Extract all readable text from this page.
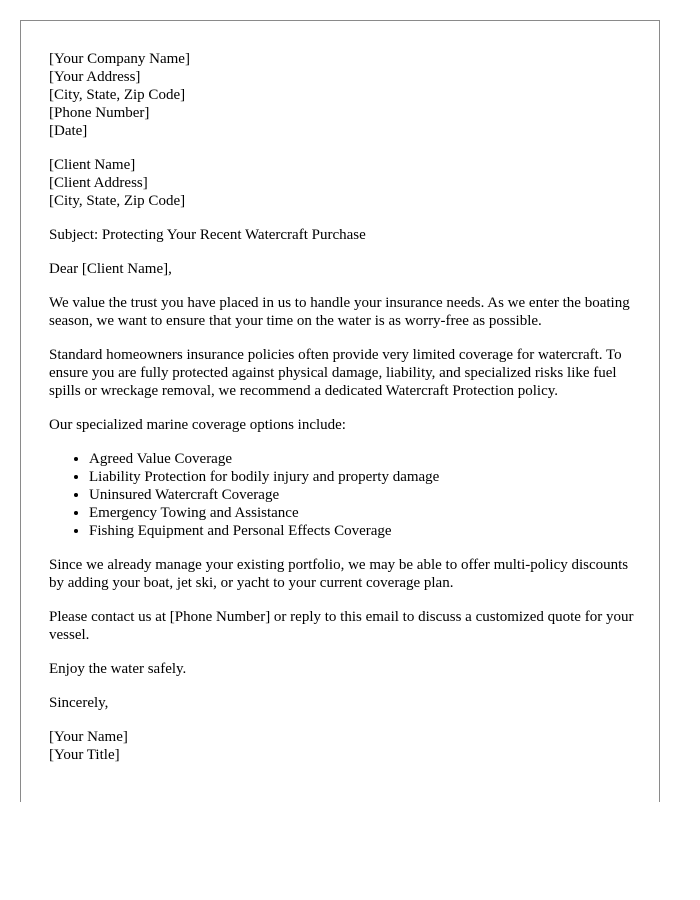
[Your Company Name]
[Your Address]
[City, State, Zip Code]
[Phone Number]
[Date]
[Client Name]
[Client Address]
[City, State, Zip Code]

Subject: Protecting Your Recent Watercraft Purchase

Dear [Client Name],

We value the trust you have placed in us to handle your insurance needs. As we enter the boating season, we want to ensure that your time on the water is as worry-free as possible.

Standard homeowners insurance policies often provide very limited coverage for watercraft. To ensure you are fully protected against physical damage, liability, and specialized risks like fuel spills or wreckage removal, we recommend a dedicated Watercraft Protection policy.

Our specialized marine coverage options include:

• Agreed Value Coverage
• Liability Protection for bodily injury and property damage
• Uninsured Watercraft Coverage
• Emergency Towing and Assistance
• Fishing Equipment and Personal Effects Coverage

Since we already manage your existing portfolio, we may be able to offer multi-policy discounts by adding your boat, jet ski, or yacht to your current coverage plan.

Please contact us at [Phone Number] or reply to this email to discuss a customized quote for your vessel.

Enjoy the water safely.

Sincerely,

[Your Name]
[Your Title]
